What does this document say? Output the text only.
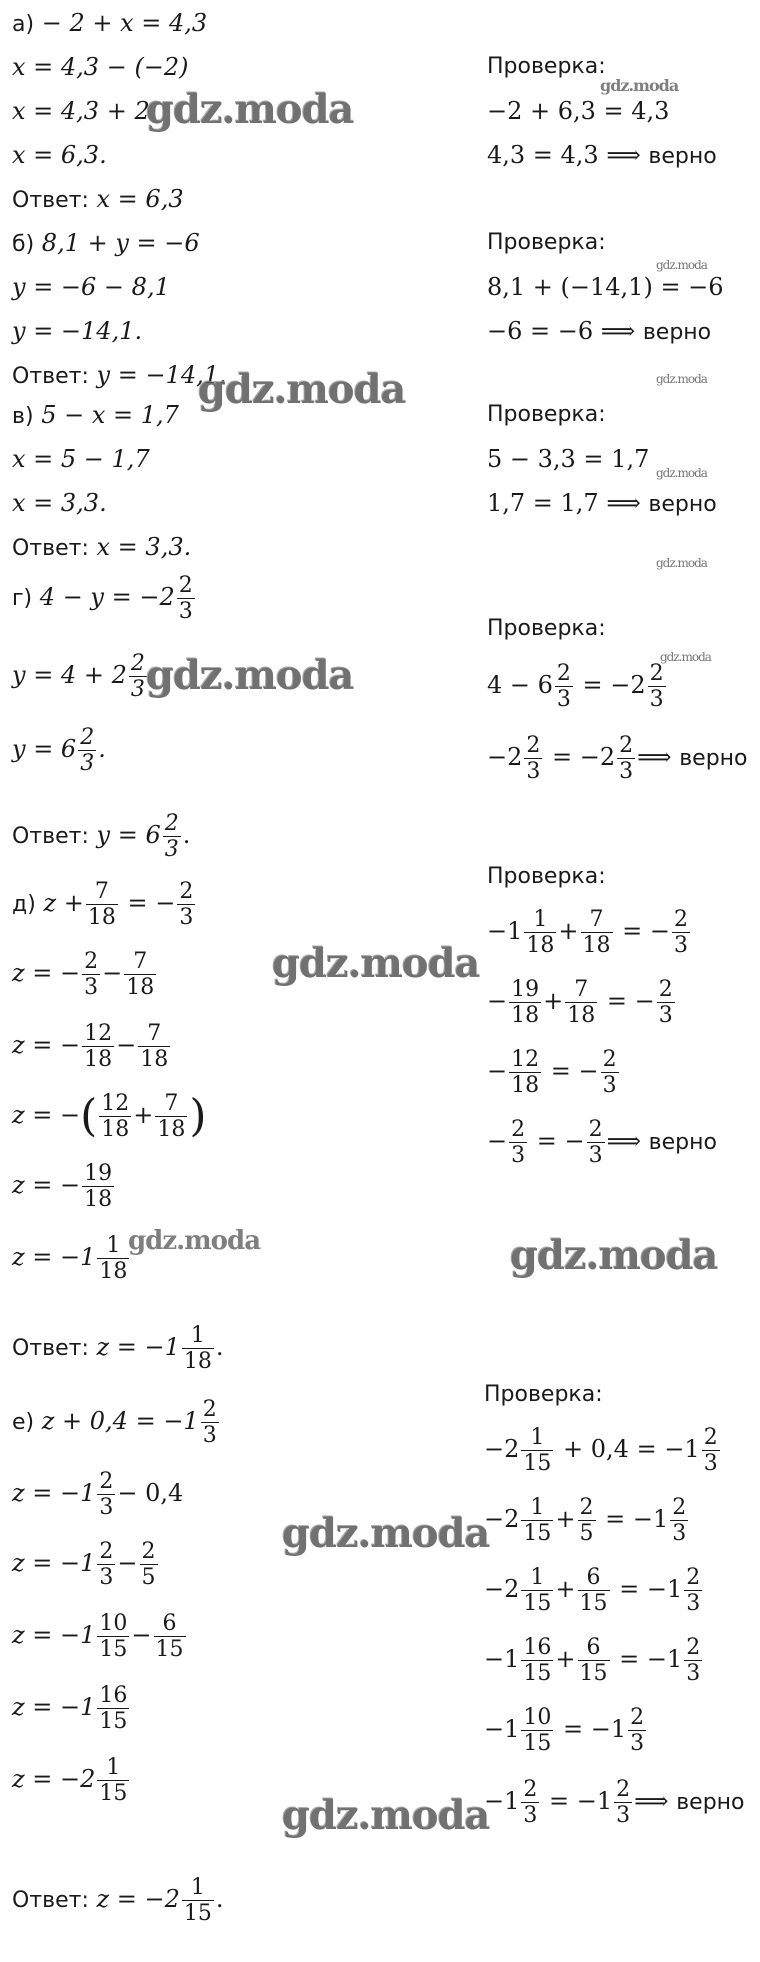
а) − 2 + x = 4,3
x = 4,3 − (−2)
x = 4,3 + 2
x = 6,3.
Ответ: x = 6,3
Проверка:
−2 + 6,3 = 4,3
4,3 = 4,3 ⟹ верно
б) 8,1 + y = −6
y = −6 − 8,1
y = −14,1.
Ответ: y = −14,1.
Проверка:
8,1 + (−14,1) = −6
−6 = −6 ⟹ верно
в) 5 − x = 1,7
x = 5 − 1,7
x = 3,3.
Ответ: x = 3,3.
Проверка:
5 − 3,3 = 1,7
1,7 = 1,7 ⟹ верно
г) $4 - y = -2 \frac{2}{3}$
$y = 4 + 2 \frac{2}{3}$
$y = 6 \frac{2}{3}$ .
Ответ: $y = 6 \frac{2}{3}$ .
Проверка:
$4 - 6 \frac{2}{3} = -2 \frac{2}{3}$
$-2 \frac{2}{3} = -2 \frac{2}{3}$ ⟹ верно
д) $z + \frac{7}{18}$ = − $\frac{2}{3}$
z = − $\frac{2}{3} - \frac{7}{18}$
z = − $\frac{12}{18} - \frac{7}{18}$
z = −( $\frac{12}{18} + \frac{7}{18}$ )
z = − $\frac{19}{18}$
$z = -1 \frac{1}{18}$
Ответ: $z = -1 \frac{1}{18}$ .
Проверка:
$-1 \frac{1}{18} + \frac{7}{18}$ = − $\frac{2}{3}$
− $\frac{19}{18} + \frac{7}{18}$ = − $\frac{2}{3}$
− $\frac{12}{18}$ = − $\frac{2}{3}$
− $\frac{2}{3}$ = − $\frac{2}{3}$ ⟹ верно
е) $z + 0,4 = -1 \frac{2}{3}$
$z = -1 \frac{2}{3} - 0,4$
$z = -1 \frac{2}{3} - \frac{2}{5}$
$z = -1 \frac{10}{15} - \frac{6}{15}$
$z = -1 \frac{16}{15}$
$z = -2 \frac{1}{15}$
Ответ: $z = -2 \frac{1}{15}$ .
Проверка:
$-2 \frac{1}{15} + 0,4 = -1 \frac{2}{3}$
$-2 \frac{1}{15} + \frac{2}{5} = -1 \frac{2}{3}$
$-2 \frac{1}{15} + \frac{6}{15} = -1 \frac{2}{3}$
$-1 \frac{16}{15} + \frac{6}{15} = -1 \frac{2}{3}$
$-1 \frac{10}{15} = -1 \frac{2}{3}$
$-1 \frac{2}{3} = -1 \frac{2}{3}$ ⟹ верно
gdz.moda
gdz.moda
gdz.moda
gdz.moda	gdz.moda
gdz.moda
gdz.moda
gdz.moda
gdz.moda
gdz.moda
gdz.moda	gdz.moda
gdz.moda
gdz.moda
